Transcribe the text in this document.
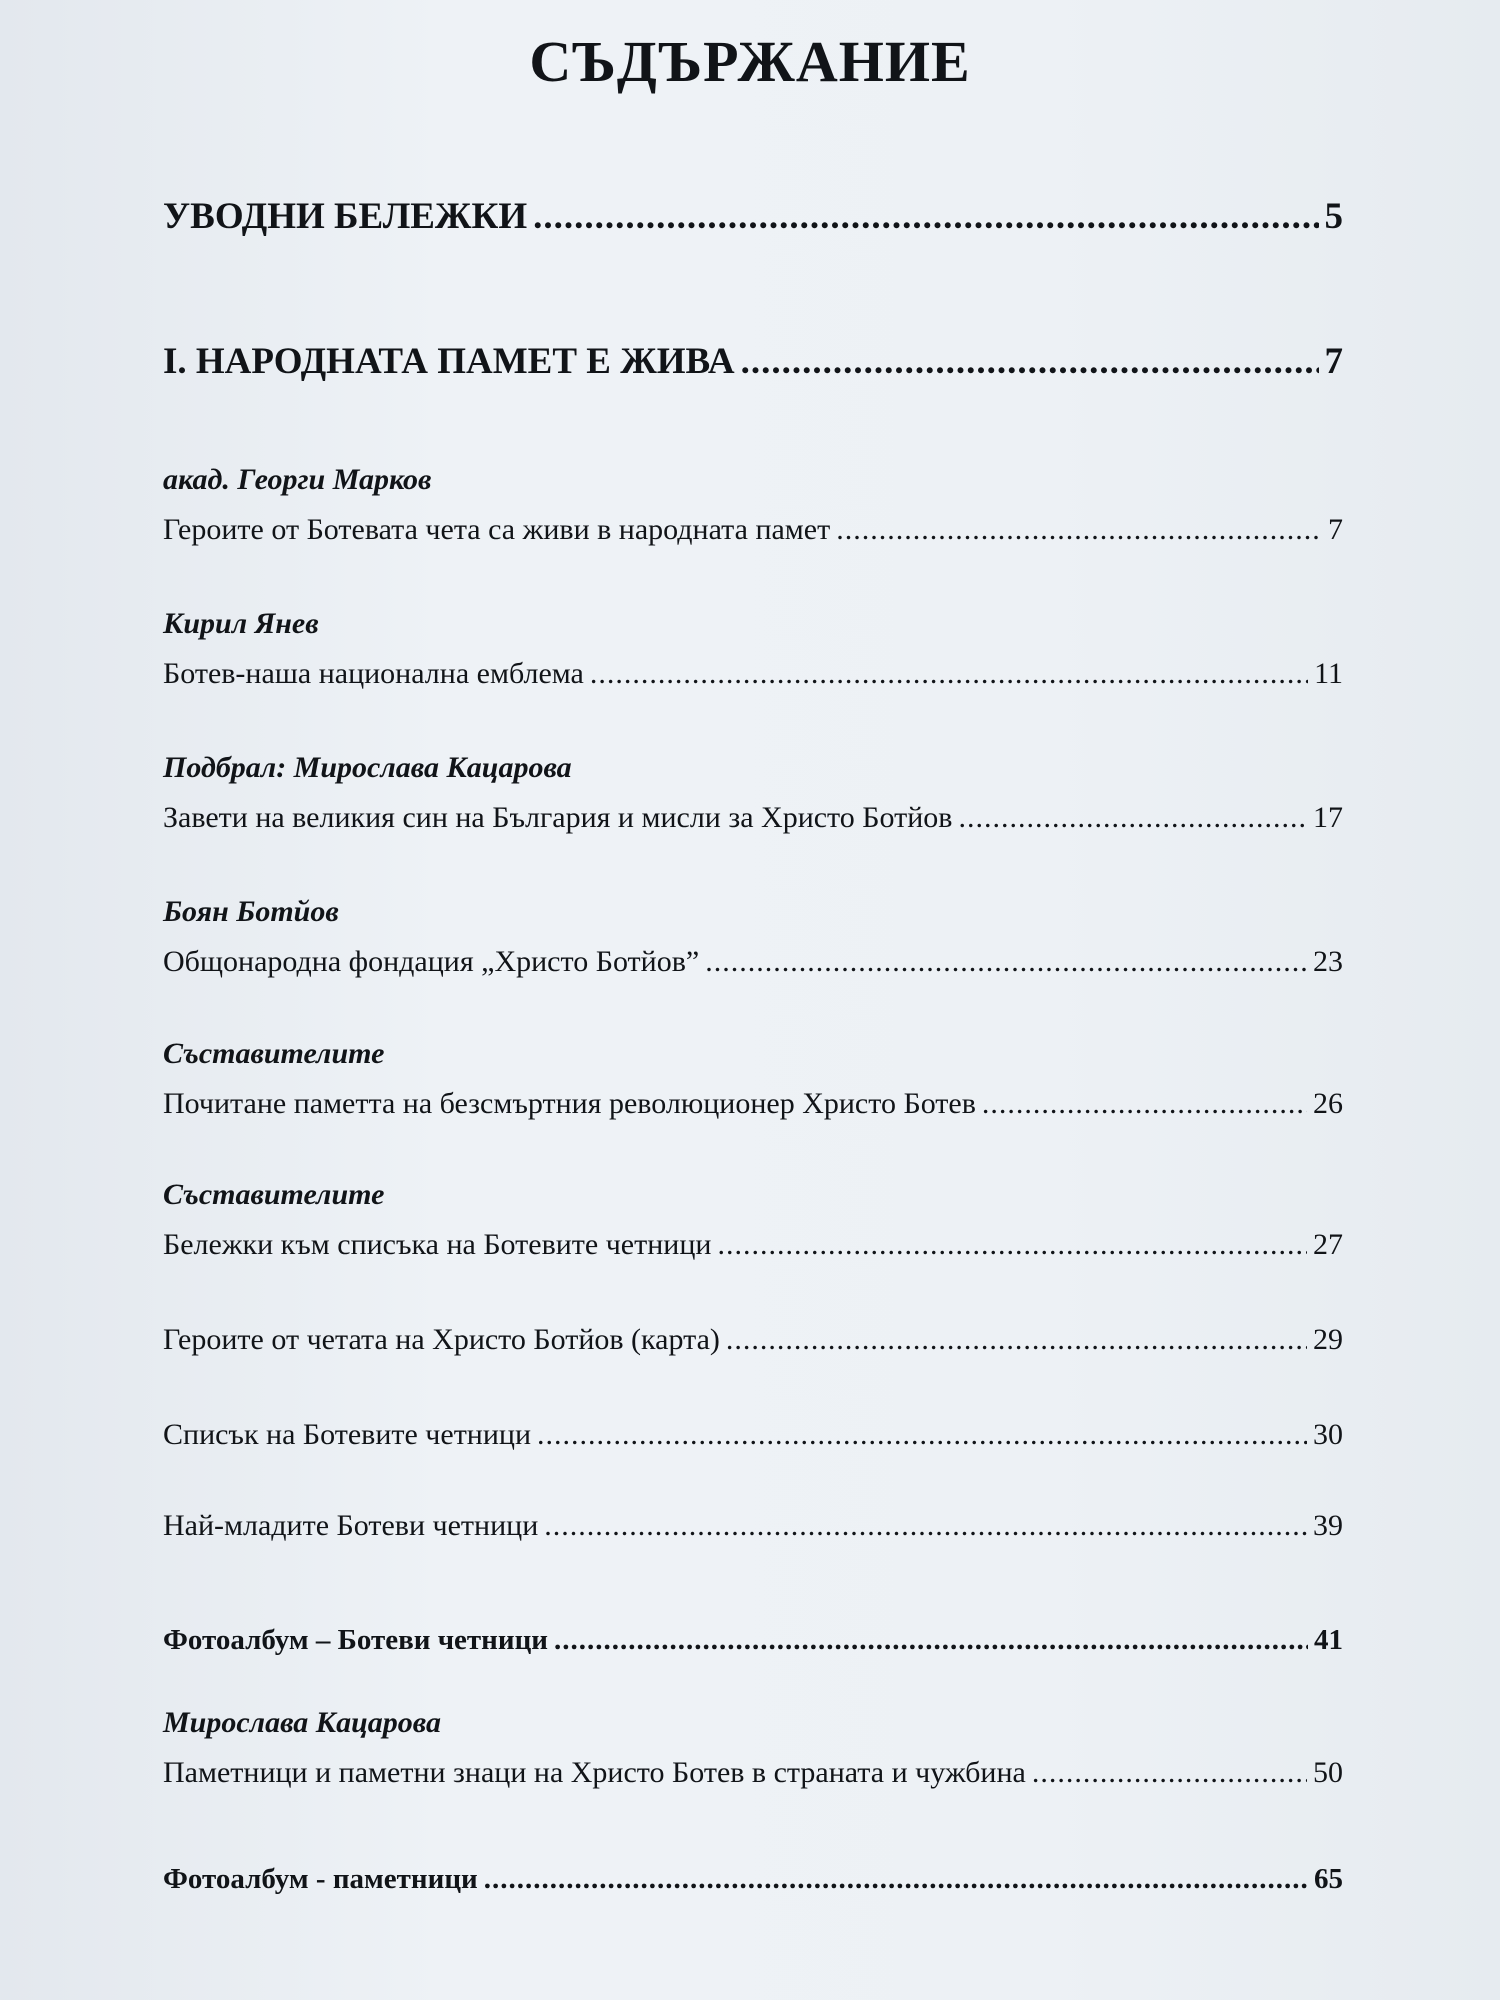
СЪДЪРЖАНИЕ
УВОДНИ БЕЛЕЖКИ .....	5
I. НАРОДНАТА ПАМЕТ Е ЖИВА .....	7
акад. Георги Марков
Героите от Ботевата чета са живи в народната памет .....	7
Кирил Янев
Ботев-наша национална емблема .....	11
Подбрал: Мирослава Кацарова
Завети на великия син на България и мисли за Христо Ботйов .....	17
Боян Ботйов
Общонародна фондация „Христо Ботйов” .....	23
Съставителите
Почитане паметта на безсмъртния революционер Христо Ботев .....	26
Съставителите
Бележки към списъка на Ботевите четници .....	27
Героите от четата на Христо Ботйов (карта) .....	29
Списък на Ботевите четници .....	30
Най-младите Ботеви четници .....	39
Фотоалбум – Ботеви четници .....	41
Мирослава Кацарова
Паметници и паметни знаци на Христо Ботев в страната и чужбина .....	50
Фотоалбум - паметници .....	65
